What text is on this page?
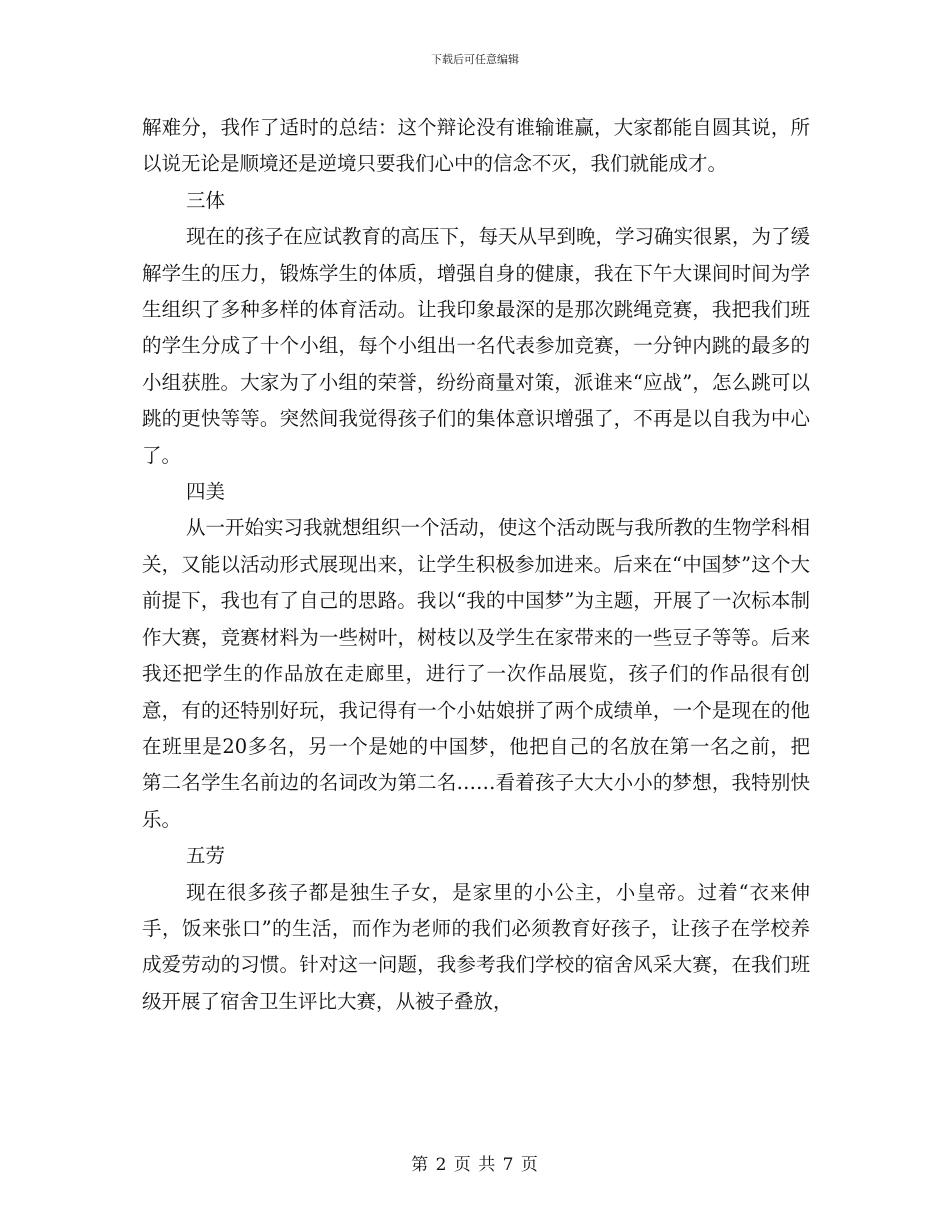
下载后可任意编辑

解难分，我作了适时的总结：这个辩论没有谁输谁赢，大家都能自圆其说，所以说无论是顺境还是逆境只要我们心中的信念不灭，我们就能成才。

三体

现在的孩子在应试教育的高压下，每天从早到晚，学习确实很累，为了缓解学生的压力，锻炼学生的体质，增强自身的健康，我在下午大课间时间为学生组织了多种多样的体育活动。让我印象最深的是那次跳绳竞赛，我把我们班的学生分成了十个小组，每个小组出一名代表参加竞赛，一分钟内跳的最多的小组获胜。大家为了小组的荣誉，纷纷商量对策，派谁来“应战”，怎么跳可以跳的更快等等。突然间我觉得孩子们的集体意识增强了，不再是以自我为中心了。

四美

从一开始实习我就想组织一个活动，使这个活动既与我所教的生物学科相关，又能以活动形式展现出来，让学生积极参加进来。后来在“中国梦”这个大前提下，我也有了自己的思路。我以“我的中国梦”为主题，开展了一次标本制作大赛，竞赛材料为一些树叶，树枝以及学生在家带来的一些豆子等等。后来我还把学生的作品放在走廊里，进行了一次作品展览，孩子们的作品很有创意，有的还特别好玩，我记得有一个小姑娘拼了两个成绩单，一个是现在的他在班里是20多名，另一个是她的中国梦，他把自己的名放在第一名之前，把第二名学生名前边的名词改为第二名……看着孩子大大小小的梦想，我特别快乐。

五劳

现在很多孩子都是独生子女，是家里的小公主，小皇帝。过着“衣来伸手，饭来张口”的生活，而作为老师的我们必须教育好孩子，让孩子在学校养成爱劳动的习惯。针对这一问题，我参考我们学校的宿舍风采大赛，在我们班级开展了宿舍卫生评比大赛，从被子叠放，

第 2 页 共 7 页
